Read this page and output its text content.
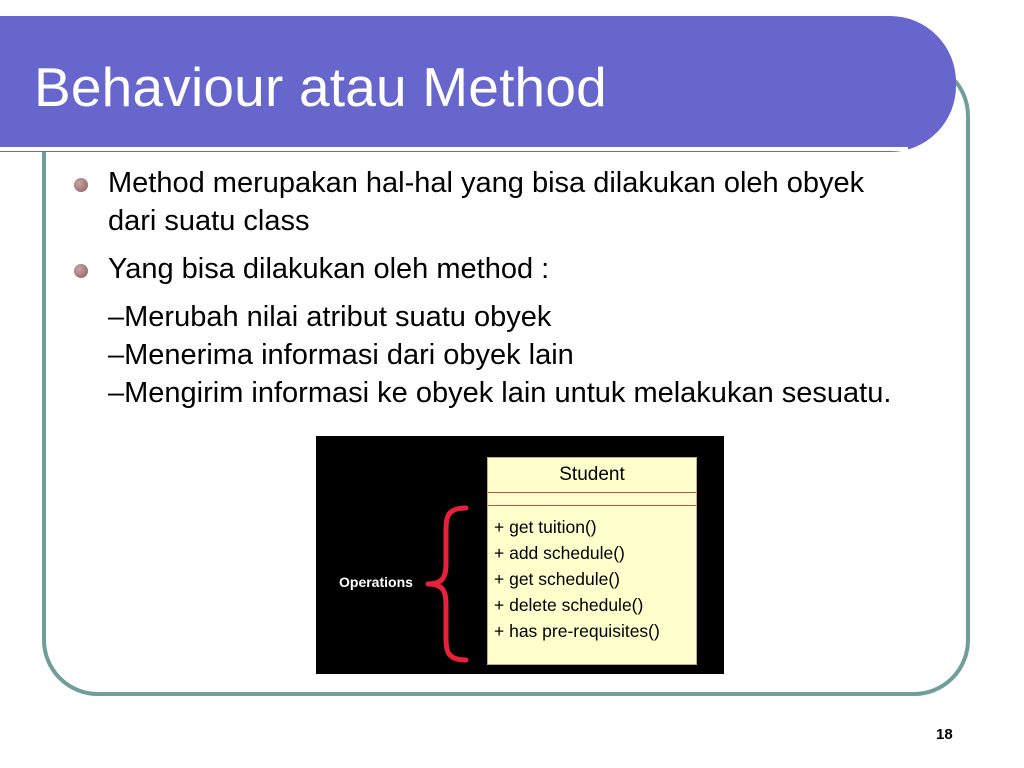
Behaviour atau Method

Method merupakan hal-hal yang bisa dilakukan oleh obyek dari suatu class

Yang bisa dilakukan oleh method :

–Merubah nilai atribut suatu obyek
–Menerima informasi dari obyek lain
–Mengirim informasi ke obyek lain untuk melakukan sesuatu.
Operations
Student
+ get tuition()
+ add schedule()
+ get schedule()
+ delete schedule()
+ has pre-requisites()
18
